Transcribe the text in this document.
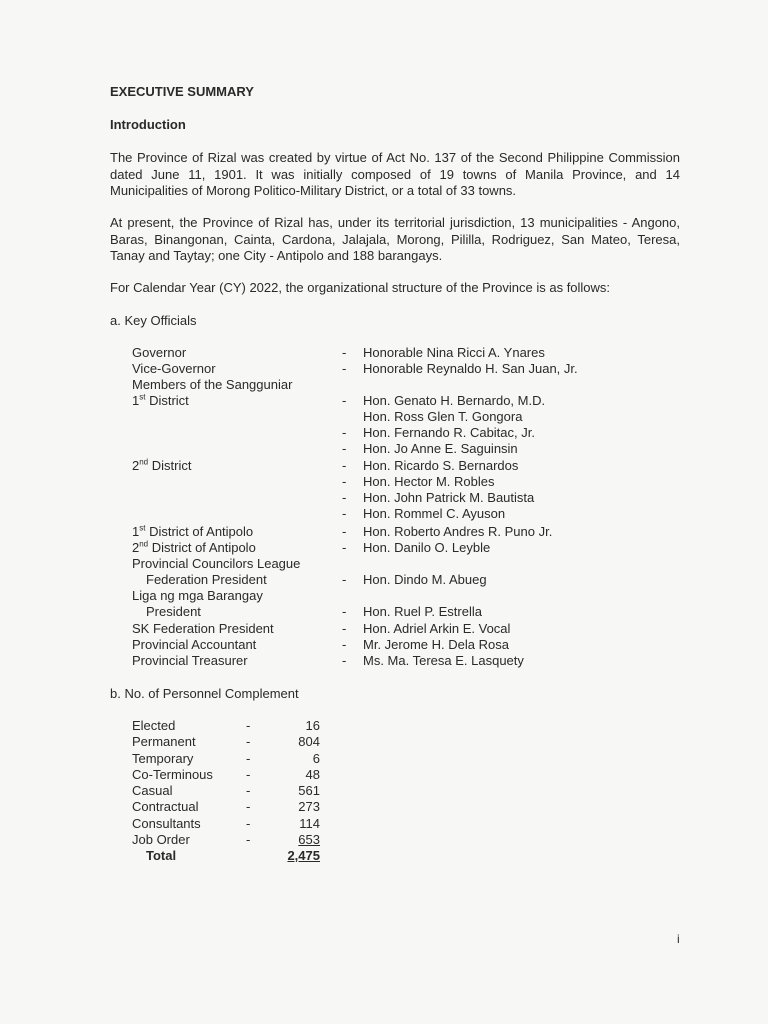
EXECUTIVE SUMMARY
Introduction

The Province of Rizal was created by virtue of Act No. 137 of the Second Philippine Commission dated June 11, 1901. It was initially composed of 19 towns of Manila Province, and 14 Municipalities of Morong Politico-Military District, or a total of 33 towns.

At present, the Province of Rizal has, under its territorial jurisdiction, 13 municipalities - Angono, Baras, Binangonan, Cainta, Cardona, Jalajala, Morong, Pililla, Rodriguez, San Mateo, Teresa, Tanay and Taytay; one City - Antipolo and 188 barangays.

For Calendar Year (CY) 2022, the organizational structure of the Province is as follows:

a. Key Officials
Governor	-	Honorable Nina Ricci A. Ynares
Vice-Governor	-	Honorable Reynaldo H. San Juan, Jr.
Members of the Sangguniar
1st District	-	Hon. Genato H. Bernardo, M.D.
Hon. Ross Glen T. Gongora
-	Hon. Fernando R. Cabitac, Jr.
-	Hon. Jo Anne E. Saguinsin
2nd District	-	Hon. Ricardo S. Bernardos
-	Hon. Hector M. Robles
-	Hon. John Patrick M. Bautista
-	Hon. Rommel C. Ayuson
1st District of Antipolo	-	Hon. Roberto Andres R. Puno Jr.
2nd District of Antipolo	-	Hon. Danilo O. Leyble
Provincial Councilors League
Federation President	-	Hon. Dindo M. Abueg
Liga ng mga Barangay
President	-	Hon. Ruel P. Estrella
SK Federation President	-	Hon. Adriel Arkin E. Vocal
Provincial Accountant	-	Mr. Jerome H. Dela Rosa
Provincial Treasurer	-	Ms. Ma. Teresa E. Lasquety
b. No. of Personnel Complement
Elected	-	16
Permanent	-	804
Temporary	-	6
Co-Terminous	-	48
Casual	-	561
Contractual	-	273
Consultants	-	114
Job Order	-	653
Total	2,475
i
